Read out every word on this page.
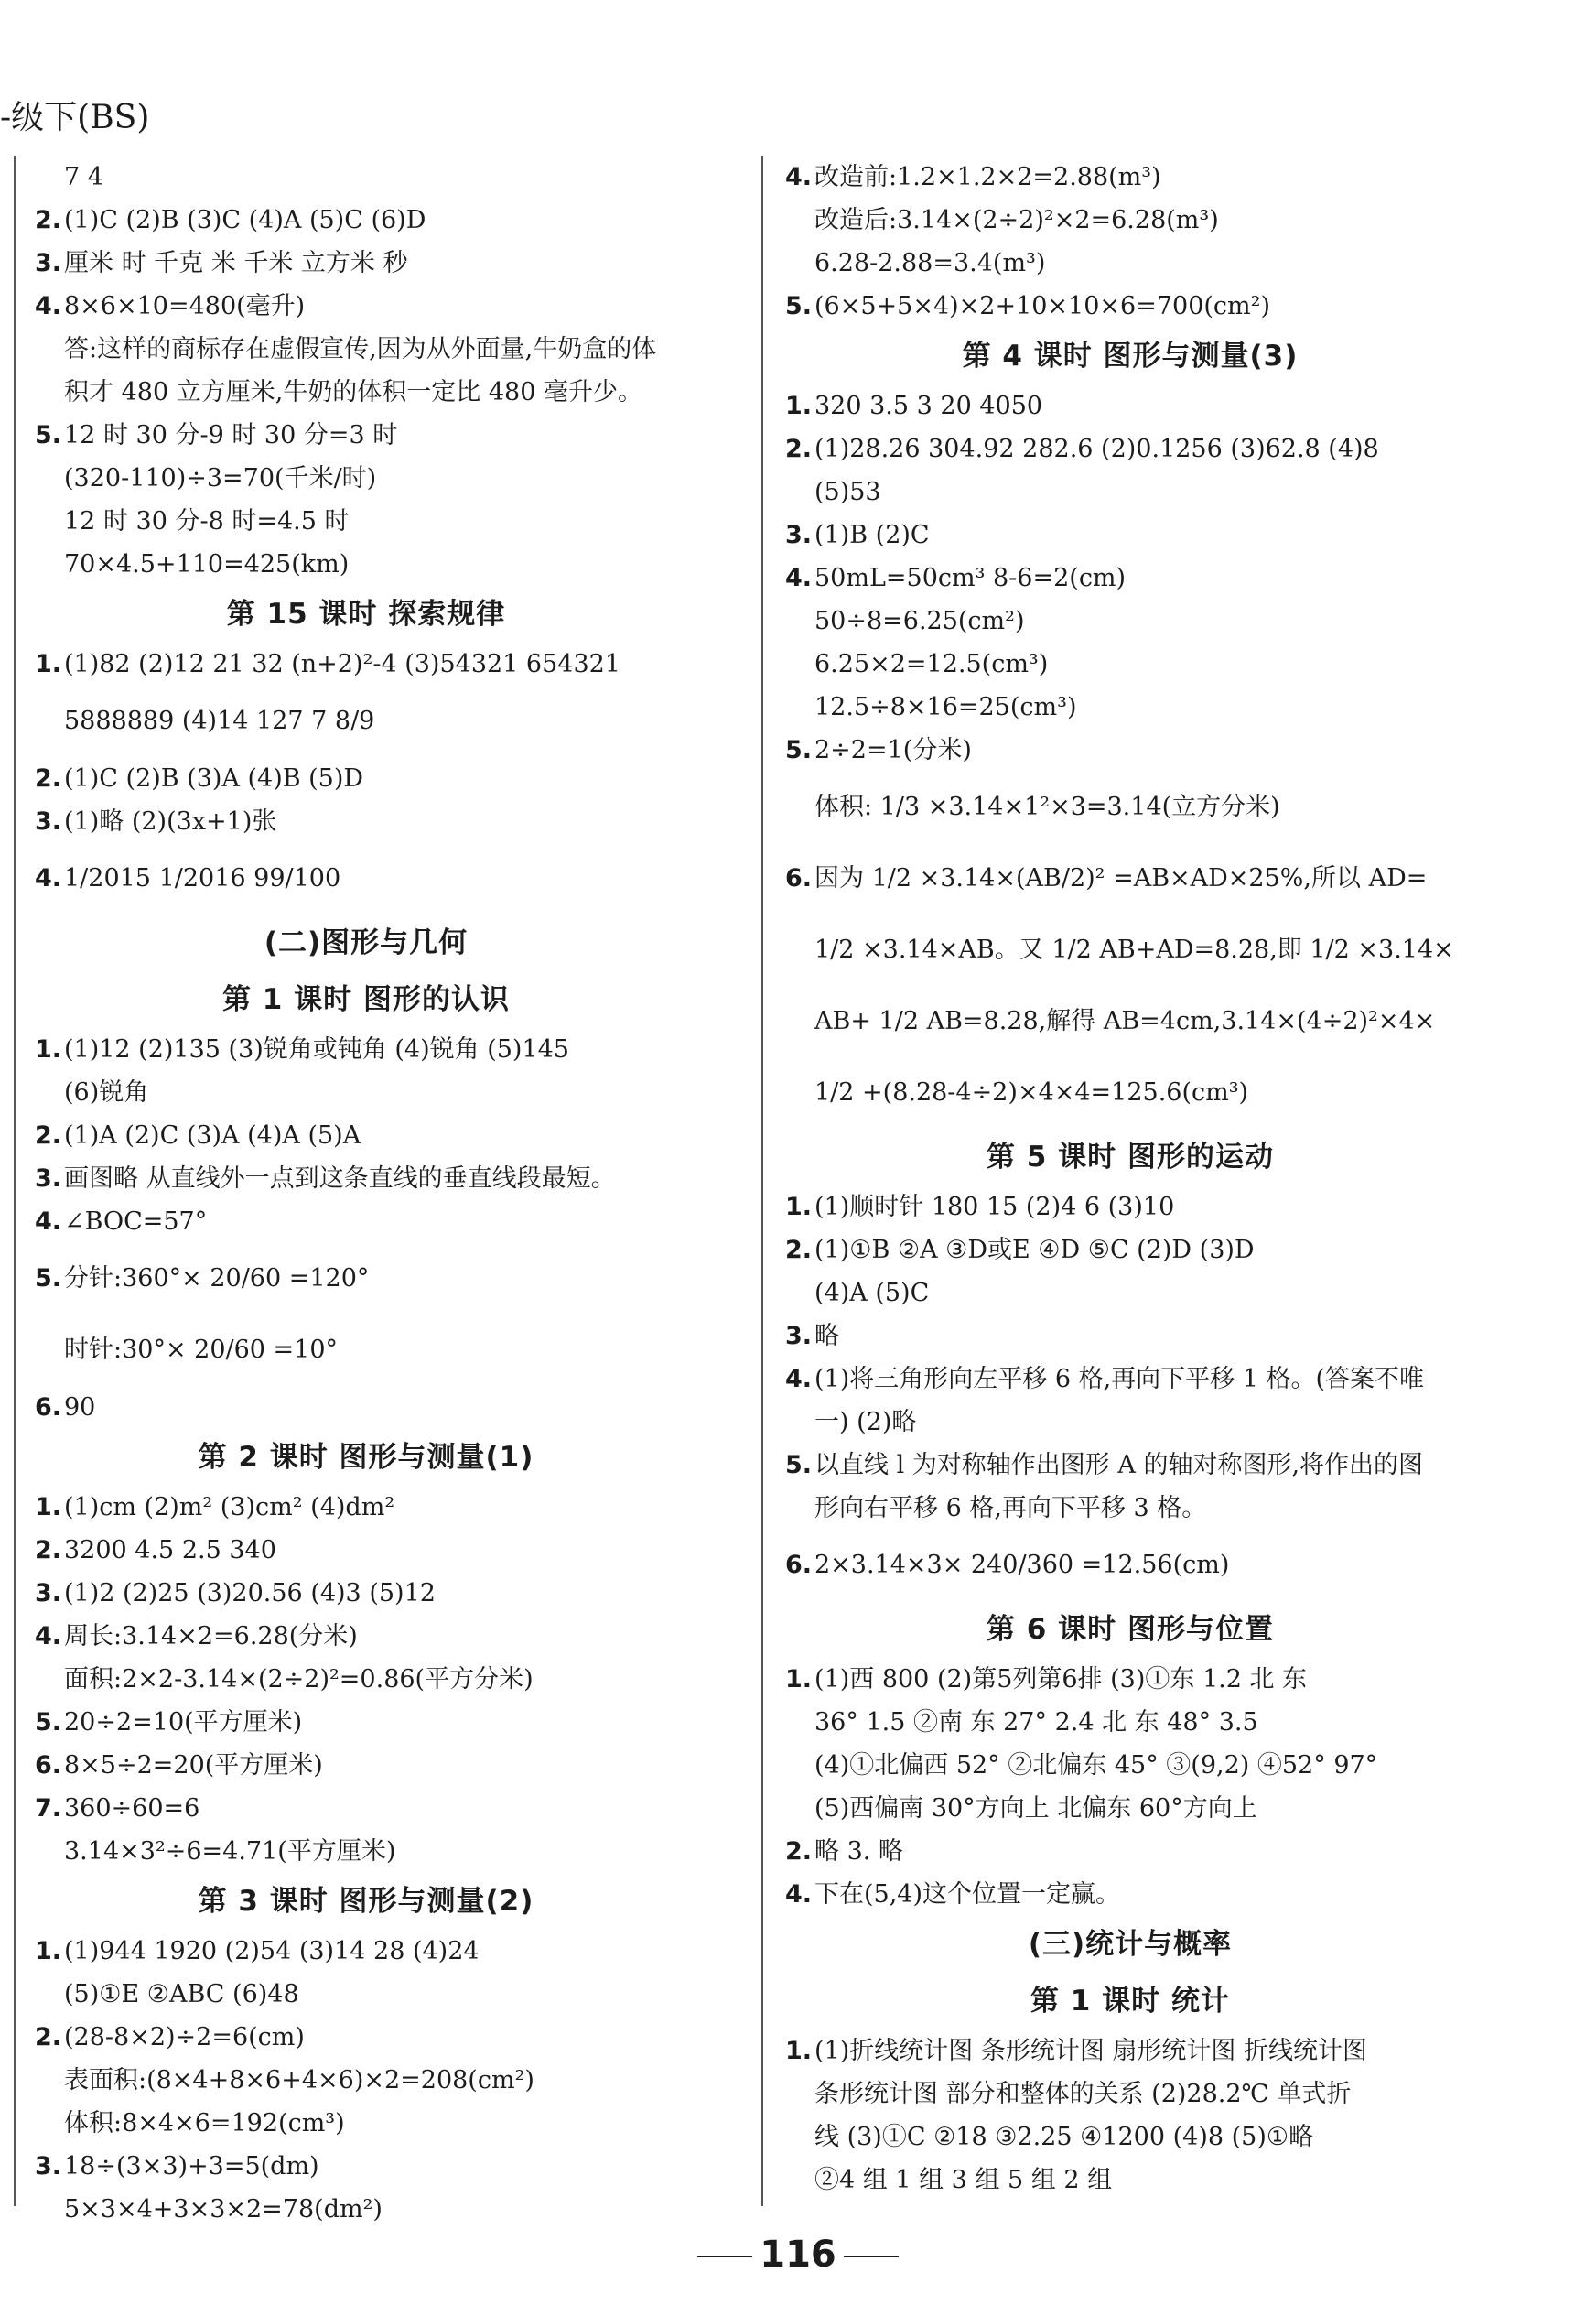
-级下(BS)
7 4
2. (1)C (2)B (3)C (4)A (5)C (6)D
3. 厘米 时 千克 米 千米 立方米 秒
4. 8×6×10=480(毫升)
答:这样的商标存在虚假宣传,因为从外面量,牛奶盒的体
积才 480 立方厘米,牛奶的体积一定比 480 毫升少。
5. 12 时 30 分-9 时 30 分=3 时
(320-110)÷3=70(千米/时)
12 时 30 分-8 时=4.5 时
70×4.5+110=425(km)
第 15 课时 探索规律
1. (1)82 (2)12 21 32 (n+2)²-4 (3)54321 654321
5888889 (4)14 127 7 8/9
2. (1)C (2)B (3)A (4)B (5)D
3. (1)略 (2)(3x+1)张
4. 1/2015 1/2016 99/100
(二)图形与几何
第 1 课时 图形的认识
1. (1)12 (2)135 (3)锐角或钝角 (4)锐角 (5)145
(6)锐角
2. (1)A (2)C (3)A (4)A (5)A
3. 画图略 从直线外一点到这条直线的垂直线段最短。
4. ∠BOC=57°
5. 分针:360°× 20/60 =120°
时针:30°× 20/60 =10°
6. 90
第 2 课时 图形与测量(1)
1. (1)cm (2)m² (3)cm² (4)dm²
2. 3200 4.5 2.5 340
3. (1)2 (2)25 (3)20.56 (4)3 (5)12
4. 周长:3.14×2=6.28(分米)
面积:2×2-3.14×(2÷2)²=0.86(平方分米)
5. 20÷2=10(平方厘米)
6. 8×5÷2=20(平方厘米)
7. 360÷60=6
3.14×3²÷6=4.71(平方厘米)
第 3 课时 图形与测量(2)
1. (1)944 1920 (2)54 (3)14 28 (4)24
(5)①E ②ABC (6)48
2. (28-8×2)÷2=6(cm)
表面积:(8×4+8×6+4×6)×2=208(cm²)
体积:8×4×6=192(cm³)
3. 18÷(3×3)+3=5(dm)
5×3×4+3×3×2=78(dm²)
4. 改造前:1.2×1.2×2=2.88(m³)
改造后:3.14×(2÷2)²×2=6.28(m³)
6.28-2.88=3.4(m³)
5. (6×5+5×4)×2+10×10×6=700(cm²)
第 4 课时 图形与测量(3)
1. 320 3.5 3 20 4050
2. (1)28.26 304.92 282.6 (2)0.1256 (3)62.8 (4)8
(5)53
3. (1)B (2)C
4. 50mL=50cm³ 8-6=2(cm)
50÷8=6.25(cm²)
6.25×2=12.5(cm³)
12.5÷8×16=25(cm³)
5. 2÷2=1(分米)
体积: 1/3 ×3.14×1²×3=3.14(立方分米)
6. 因为 1/2 ×3.14×(AB/2)² =AB×AD×25%,所以 AD=
1/2 ×3.14×AB。又 1/2 AB+AD=8.28,即 1/2 ×3.14×
AB+ 1/2 AB=8.28,解得 AB=4cm,3.14×(4÷2)²×4×
1/2 +(8.28-4÷2)×4×4=125.6(cm³)
第 5 课时 图形的运动
1. (1)顺时针 180 15 (2)4 6 (3)10
2. (1)①B ②A ③D或E ④D ⑤C (2)D (3)D
(4)A (5)C
3. 略
4. (1)将三角形向左平移 6 格,再向下平移 1 格。(答案不唯
一) (2)略
5. 以直线 l 为对称轴作出图形 A 的轴对称图形,将作出的图
形向右平移 6 格,再向下平移 3 格。
6. 2×3.14×3× 240/360 =12.56(cm)
第 6 课时 图形与位置
1. (1)西 800 (2)第5列第6排 (3)①东 1.2 北 东
36° 1.5 ②南 东 27° 2.4 北 东 48° 3.5
(4)①北偏西 52° ②北偏东 45° ③(9,2) ④52° 97°
(5)西偏南 30°方向上 北偏东 60°方向上
2. 略 3. 略
4. 下在(5,4)这个位置一定赢。
(三)统计与概率
第 1 课时 统计
1. (1)折线统计图 条形统计图 扇形统计图 折线统计图
条形统计图 部分和整体的关系 (2)28.2℃ 单式折
线 (3)①C ②18 ③2.25 ④1200 (4)8 (5)①略
②4 组 1 组 3 组 5 组 2 组
116
